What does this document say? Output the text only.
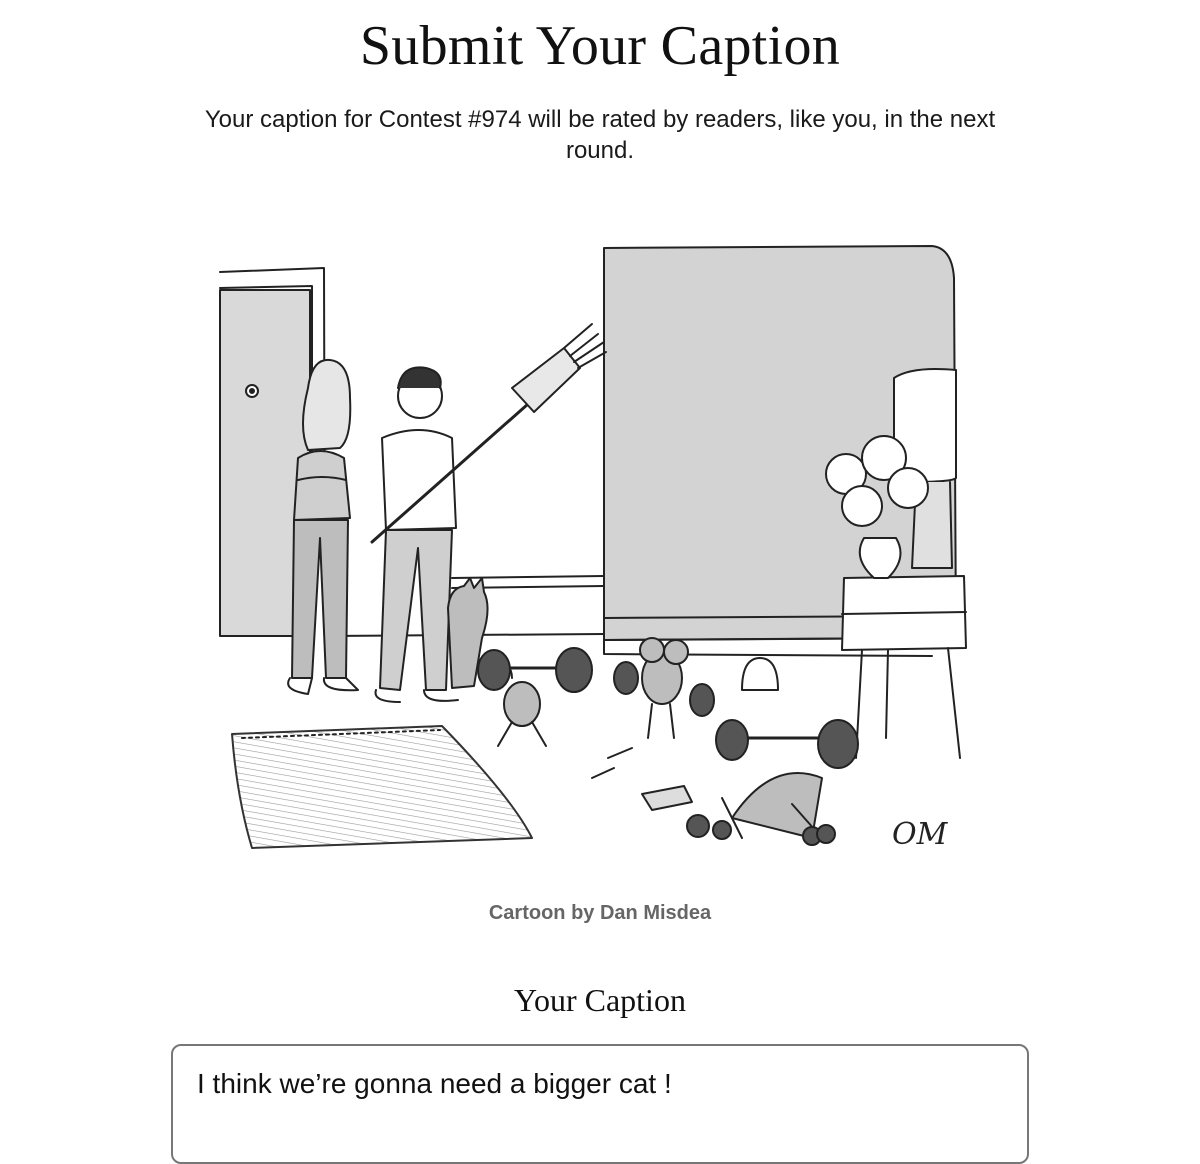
Submit Your Caption

Your caption for Contest #974 will be rated by readers, like you, in the next round.

OM

Cartoon by Dan Misdea

Your Caption

I think we’re gonna need a bigger cat !
